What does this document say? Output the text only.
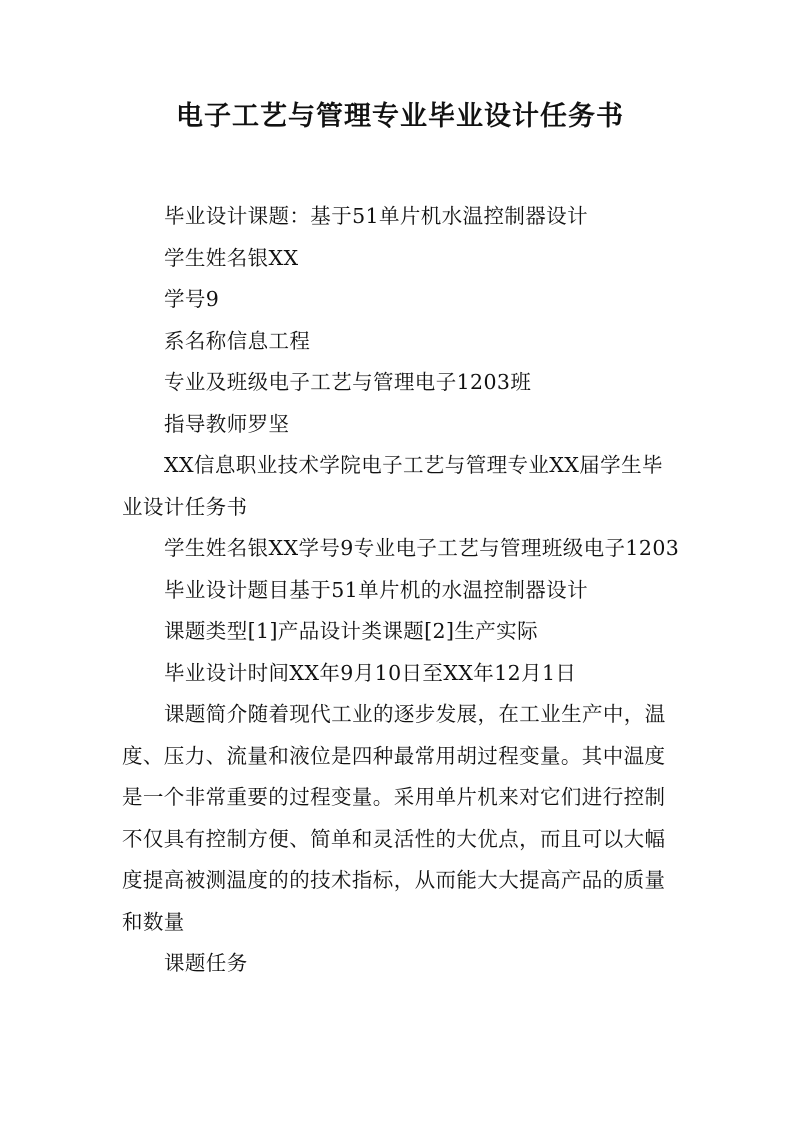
电子工艺与管理专业毕业设计任务书

毕业设计课题：基于51单片机水温控制器设计

学生姓名银XX

学号9

系名称信息工程

专业及班级电子工艺与管理电子1203班

指导教师罗坚

XX信息职业技术学院电子工艺与管理专业XX届学生毕业设计任务书

学生姓名银XX学号9专业电子工艺与管理班级电子1203

毕业设计题目基于51单片机的水温控制器设计

课题类型[1]产品设计类课题[2]生产实际

毕业设计时间XX年9月10日至XX年12月1日

课题简介随着现代工业的逐步发展，在工业生产中，温度、压力、流量和液位是四种最常用胡过程变量。其中温度是一个非常重要的过程变量。采用单片机来对它们进行控制不仅具有控制方便、简单和灵活性的大优点，而且可以大幅度提高被测温度的的技术指标，从而能大大提高产品的质量和数量

课题任务
